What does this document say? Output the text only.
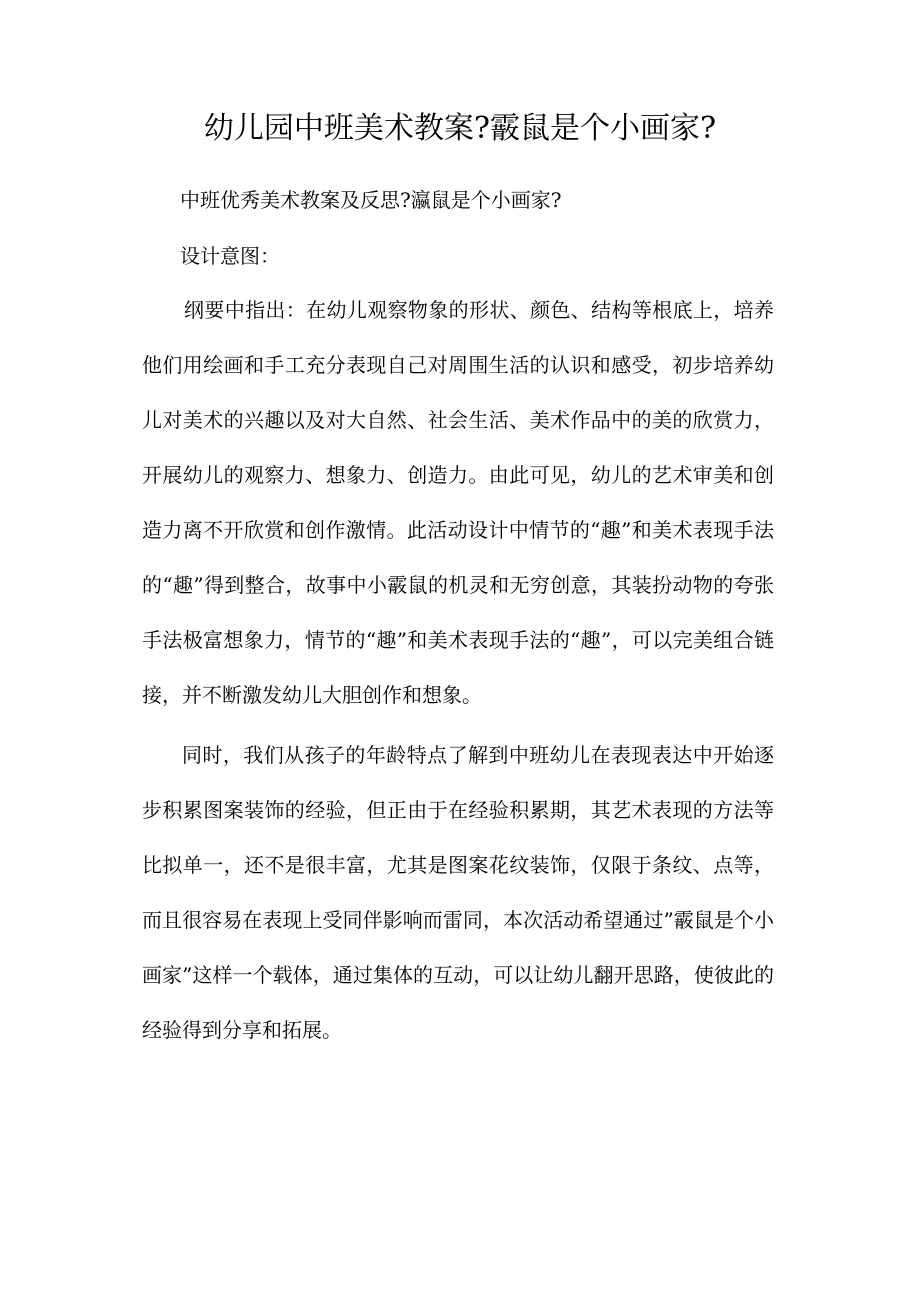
幼儿园中班美术教案?霰鼠是个小画家?

中班优秀美术教案及反思?瀛鼠是个小画家?

设计意图：

纲要中指出：在幼儿观察物象的形状、颜色、结构等根底上，培养他们用绘画和手工充分表现自己对周围生活的认识和感受，初步培养幼儿对美术的兴趣以及对大自然、社会生活、美术作品中的美的欣赏力，开展幼儿的观察力、想象力、创造力。由此可见，幼儿的艺术审美和创造力离不开欣赏和创作激情。此活动设计中情节的“趣”和美术表现手法的“趣”得到整合，故事中小霰鼠的机灵和无穷创意，其装扮动物的夸张手法极富想象力，情节的“趣”和美术表现手法的“趣”，可以完美组合链接，并不断激发幼儿大胆创作和想象。

同时，我们从孩子的年龄特点了解到中班幼儿在表现表达中开始逐步积累图案装饰的经验，但正由于在经验积累期，其艺术表现的方法等比拟单一，还不是很丰富，尤其是图案花纹装饰，仅限于条纹、点等，而且很容易在表现上受同伴影响而雷同，本次活动希望通过”霰鼠是个小画家”这样一个载体，通过集体的互动，可以让幼儿翻开思路，使彼此的经验得到分享和拓展。
